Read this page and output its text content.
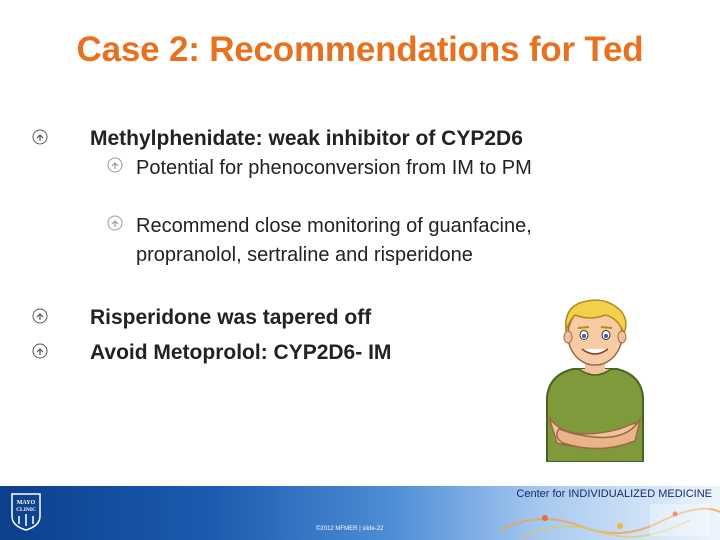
Case 2: Recommendations for Ted
Methylphenidate: weak inhibitor of CYP2D6
Potential for phenoconversion from IM to PM
Recommend close monitoring of guanfacine, propranolol, sertraline and risperidone
Risperidone was tapered off
Avoid Metoprolol: CYP2D6- IM
MAYO
CLINIC
Center for INDIVIDUALIZED MEDICINE
©2012 MFMER | slide-22
